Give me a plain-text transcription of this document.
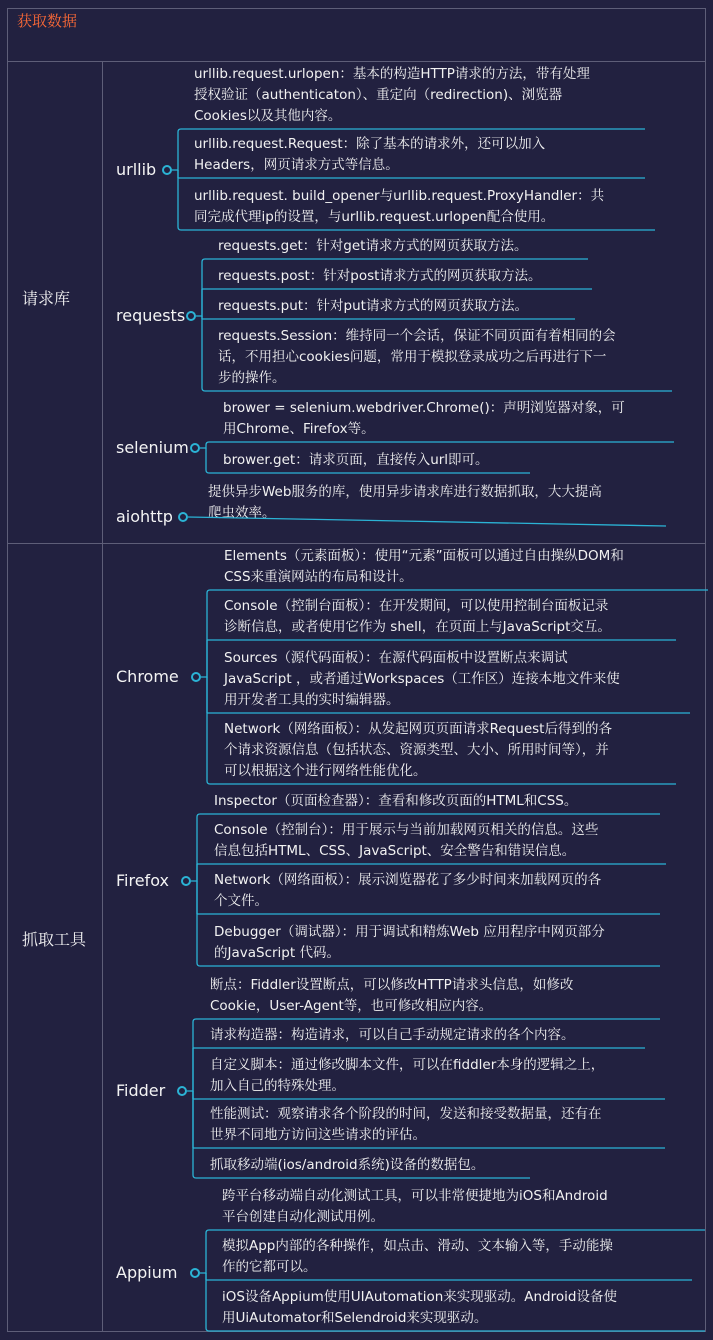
获取数据
请求库
抓取工具
urllib
urllib.request.urlopen：基本的构造HTTP请求的方法，带有处理
授权验证（authenticaton）、重定向（redirection)、浏览器
Cookies以及其他内容。
urllib.request.Request：除了基本的请求外，还可以加入
Headers，网页请求方式等信息。
urllib.request. build_opener与urllib.request.ProxyHandler：共
同完成代理ip的设置，与urllib.request.urlopen配合使用。
requests
requests.get：针对get请求方式的网页获取方法。
requests.post：针对post请求方式的网页获取方法。
requests.put：针对put请求方式的网页获取方法。
requests.Session：维持同一个会话，保证不同页面有着相同的会
话，不用担心cookies问题，常用于模拟登录成功之后再进行下一
步的操作。
selenium
brower = selenium.webdriver.Chrome()：声明浏览器对象，可
用Chrome、Firefox等。
brower.get：请求页面，直接传入url即可。
aiohttp
提供异步Web服务的库，使用异步请求库进行数据抓取，大大提高
爬虫效率。
Chrome
Elements（元素面板）：使用“元素”面板可以通过自由操纵DOM和
CSS来重演网站的布局和设计。
Console（控制台面板）：在开发期间，可以使用控制台面板记录
诊断信息，或者使用它作为 shell，在页面上与JavaScript交互。
Sources（源代码面板）：在源代码面板中设置断点来调试
JavaScript ，或者通过Workspaces（工作区）连接本地文件来使
用开发者工具的实时编辑器。
Network（网络面板）：从发起网页页面请求Request后得到的各
个请求资源信息（包括状态、资源类型、大小、所用时间等），并
可以根据这个进行网络性能优化。
Firefox
Inspector（页面检查器）：查看和修改页面的HTML和CSS。
Console（控制台）：用于展示与当前加载网页相关的信息。这些
信息包括HTML、CSS、JavaScript、安全警告和错误信息。
Network（网络面板）：展示浏览器花了多少时间来加载网页的各
个文件。
Debugger（调试器）：用于调试和精炼Web 应用程序中网页部分
的JavaScript 代码。
Fidder
断点：Fiddler设置断点，可以修改HTTP请求头信息，如修改
Cookie，User-Agent等，也可修改相应内容。
请求构造器：构造请求，可以自己手动规定请求的各个内容。
自定义脚本：通过修改脚本文件，可以在fiddler本身的逻辑之上，
加入自己的特殊处理。
性能测试：观察请求各个阶段的时间，发送和接受数据量，还有在
世界不同地方访问这些请求的评估。
抓取移动端(ios/android系统)设备的数据包。
Appium
跨平台移动端自动化测试工具，可以非常便捷地为iOS和Android
平台创建自动化测试用例。
模拟App内部的各种操作，如点击、滑动、文本输入等，手动能操
作的它都可以。
iOS设备Appium使用UIAutomation来实现驱动。Android设备使
用UiAutomator和Selendroid来实现驱动。
